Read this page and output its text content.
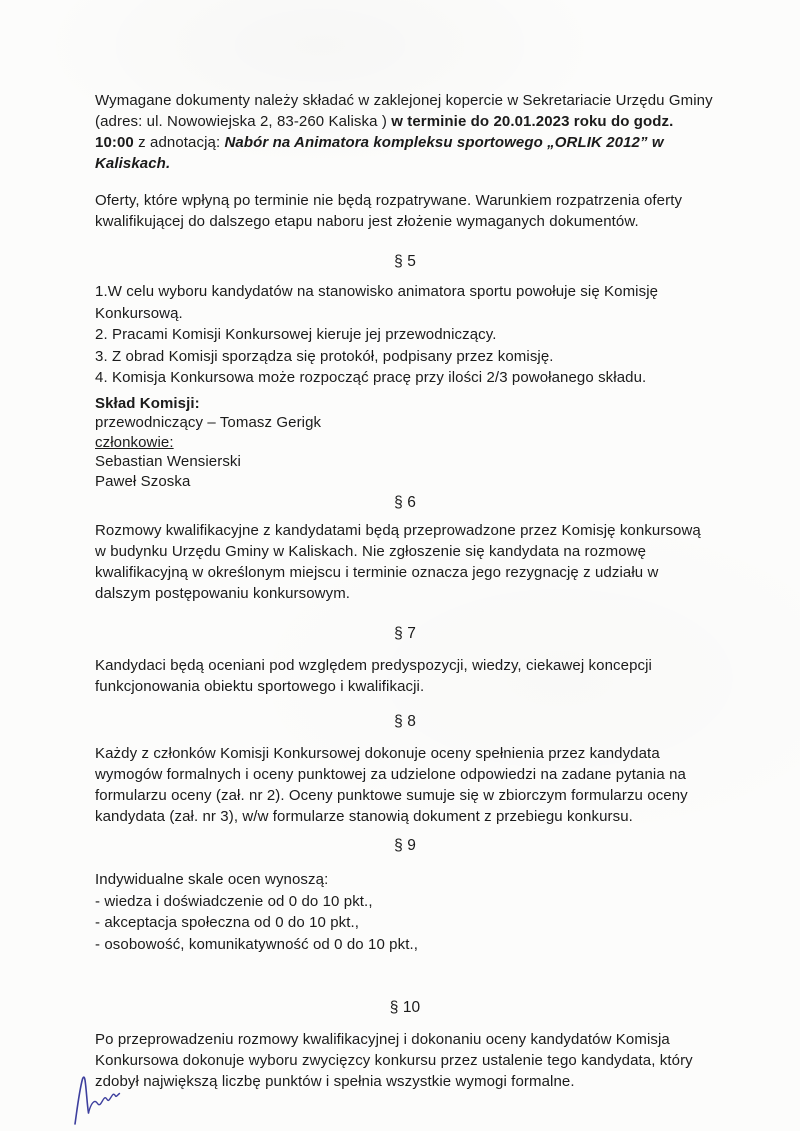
Wymagane dokumenty należy składać w zaklejonej kopercie w Sekretariacie Urzędu Gminy (adres: ul. Nowowiejska 2, 83-260 Kaliska ) w terminie do 20.01.2023 roku do godz. 10:00 z adnotacją: Nabór na Animatora kompleksu sportowego „ORLIK 2012” w Kaliskach.

Oferty, które wpłyną po terminie nie będą rozpatrywane. Warunkiem rozpatrzenia oferty kwalifikującej do dalszego etapu naboru jest złożenie wymaganych dokumentów.

§ 5

1.W celu wyboru kandydatów na stanowisko animatora sportu powołuje się Komisję Konkursową.
2. Pracami Komisji Konkursowej kieruje jej przewodniczący.
3. Z obrad Komisji sporządza się protokół, podpisany przez komisję.
4. Komisja Konkursowa może rozpocząć pracę przy ilości 2/3 powołanego składu.
Skład Komisji:
przewodniczący – Tomasz Gerigk
członkowie:
Sebastian Wensierski
Paweł Szoska

§ 6

Rozmowy kwalifikacyjne z kandydatami będą przeprowadzone przez Komisję konkursową w budynku Urzędu Gminy w Kaliskach. Nie zgłoszenie się kandydata na rozmowę kwalifikacyjną w określonym miejscu i terminie oznacza jego rezygnację z udziału w dalszym postępowaniu konkursowym.

§ 7

Kandydaci będą oceniani pod względem predyspozycji, wiedzy, ciekawej koncepcji funkcjonowania obiektu sportowego i kwalifikacji.

§ 8

Każdy z członków Komisji Konkursowej dokonuje oceny spełnienia przez kandydata wymogów formalnych i oceny punktowej za udzielone odpowiedzi na zadane pytania na formularzu oceny (zał. nr 2). Oceny punktowe sumuje się w zbiorczym formularzu oceny kandydata (zał. nr 3), w/w formularze stanowią dokument z przebiegu konkursu.

§ 9

Indywidualne skale ocen wynoszą:
- wiedza i doświadczenie od 0 do 10 pkt.,
- akceptacja społeczna od 0 do 10 pkt.,
- osobowość, komunikatywność od 0 do 10 pkt.,

§ 10

Po przeprowadzeniu rozmowy kwalifikacyjnej i dokonaniu oceny kandydatów Komisja Konkursowa dokonuje wyboru zwycięzcy konkursu przez ustalenie tego kandydata, który zdobył największą liczbę punktów i spełnia wszystkie wymogi formalne.
